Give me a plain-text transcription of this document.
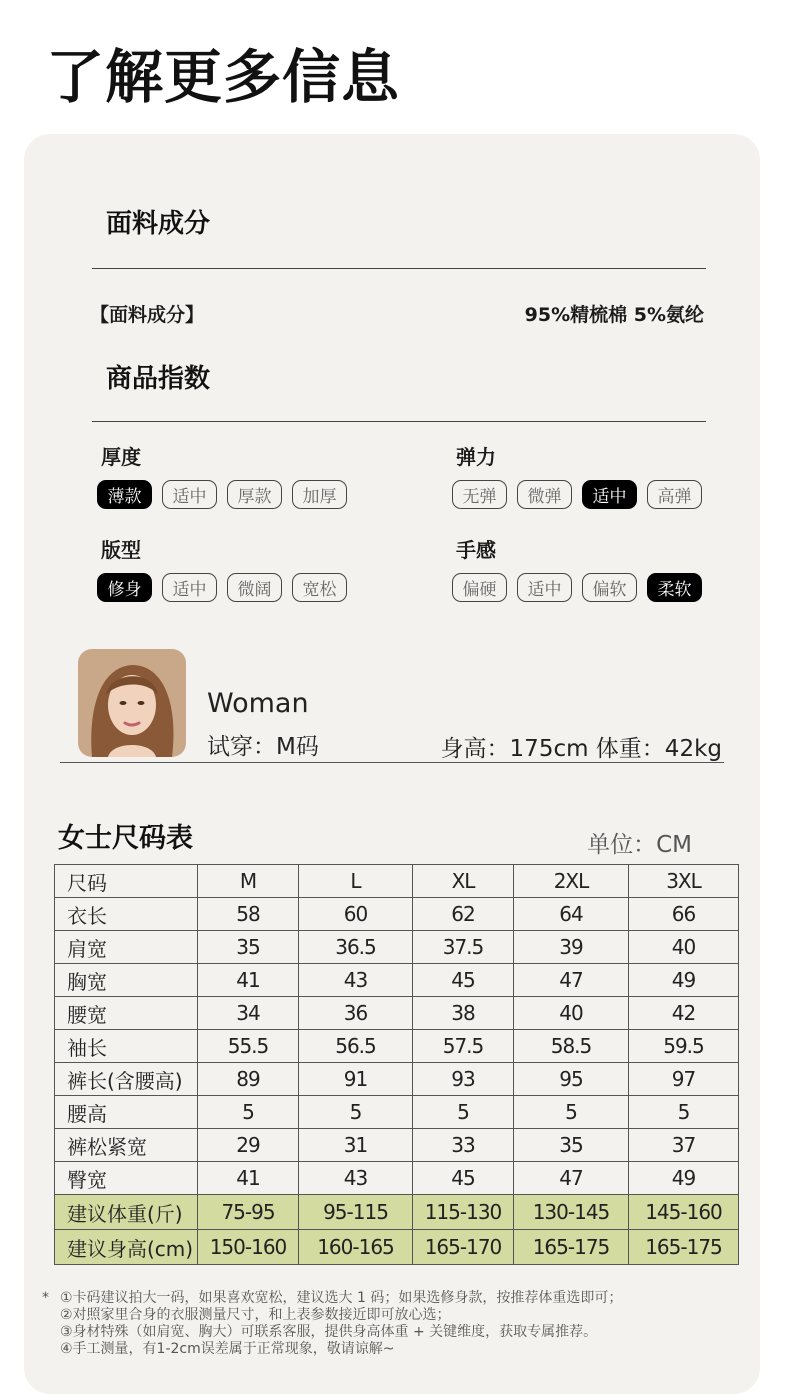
了解更多信息
面料成分
【面料成分】	95%精梳棉 5%氨纶
商品指数
厚度
薄款	适中	厚款	加厚
弹力
无弹	微弹	适中	高弹
版型
修身	适中	微阔	宽松
手感
偏硬	适中	偏软	柔软
Woman
试穿：M码	身高：175cm 体重：42kg
女士尺码表	单位：CM
尺码	M	L	XL	2XL	3XL
衣长	58	60	62	64	66
肩宽	35	36.5	37.5	39	40
胸宽	41	43	45	47	49
腰宽	34	36	38	40	42
袖长	55.5	56.5	57.5	58.5	59.5
裤长(含腰高)	89	91	93	95	97
腰高	5	5	5	5	5
裤松紧宽	29	31	33	35	37
臀宽	41	43	45	47	49
建议体重(斤)	75-95	95-115	115-130	130-145	145-160
建议身高(cm)	150-160	160-165	165-170	165-175	165-175
* ①卡码建议拍大一码，如果喜欢宽松，建议选大 1 码；如果选修身款，按推荐体重选即可；
②对照家里合身的衣服测量尺寸，和上表参数接近即可放心选；
③身材特殊（如肩宽、胸大）可联系客服，提供身高体重 + 关键维度，获取专属推荐。
④手工测量，有1-2cm误差属于正常现象，敬请谅解~
